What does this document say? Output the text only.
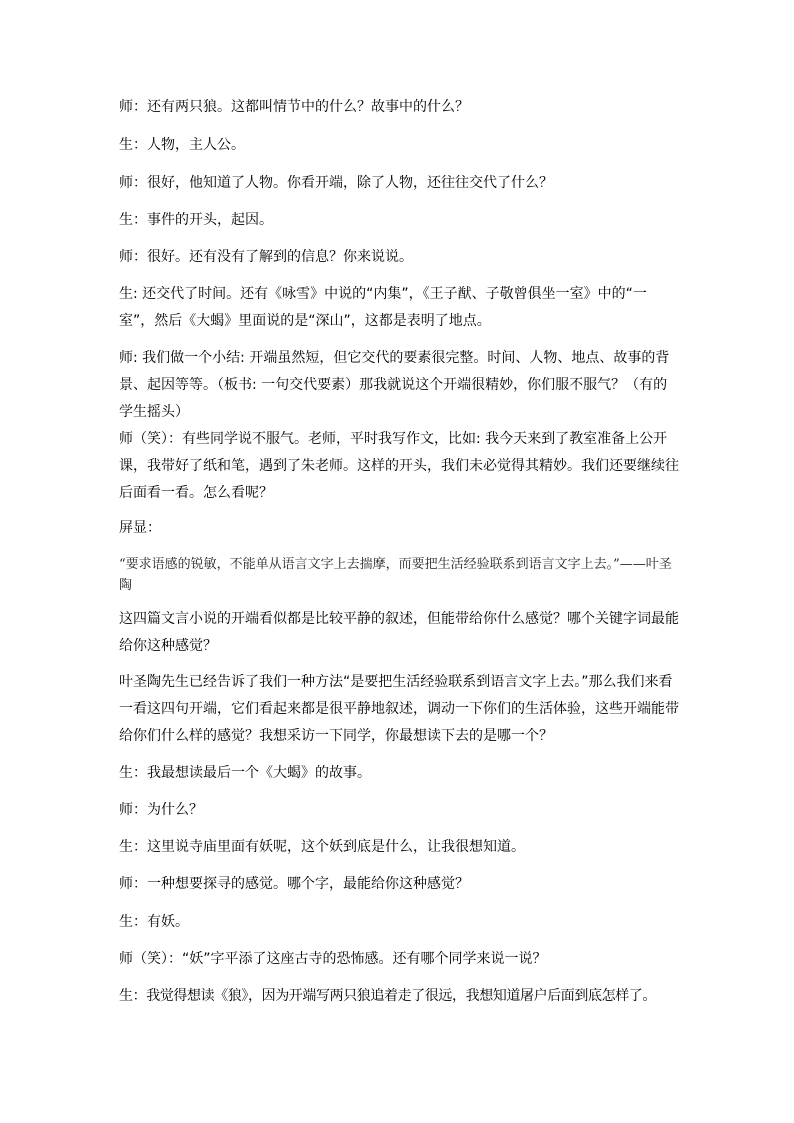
师：还有两只狼。这都叫情节中的什么？故事中的什么？

生：人物，主人公。

师：很好，他知道了人物。你看开端，除了人物，还往往交代了什么？

生：事件的开头，起因。

师：很好。还有没有了解到的信息？你来说说。

生: 还交代了时间。还有《咏雪》中说的“内集”，《王子猷、子敬曾俱坐一室》中的“一室”，然后《大蝎》里面说的是“深山”，这都是表明了地点。

师: 我们做一个小结: 开端虽然短，但它交代的要素很完整。时间、人物、地点、故事的背景、起因等等。（板书: 一句交代要素）那我就说这个开端很精妙，你们服不服气？（有的学生摇头）

师（笑）：有些同学说不服气。老师，平时我写作文，比如: 我今天来到了教室准备上公开课，我带好了纸和笔，遇到了朱老师。这样的开头，我们未必觉得其精妙。我们还要继续往后面看一看。怎么看呢？

屏显：

“要求语感的锐敏，不能单从语言文字上去揣摩，而要把生活经验联系到语言文字上去。”——叶圣陶

这四篇文言小说的开端看似都是比较平静的叙述，但能带给你什么感觉？哪个关键字词最能给你这种感觉？

叶圣陶先生已经告诉了我们一种方法“是要把生活经验联系到语言文字上去。”那么我们来看一看这四句开端，它们看起来都是很平静地叙述，调动一下你们的生活体验，这些开端能带给你们什么样的感觉？我想采访一下同学，你最想读下去的是哪一个？

生：我最想读最后一个《大蝎》的故事。

师：为什么？

生：这里说寺庙里面有妖呢，这个妖到底是什么，让我很想知道。

师：一种想要探寻的感觉。哪个字，最能给你这种感觉？

生：有妖。

师（笑）：“妖”字平添了这座古寺的恐怖感。还有哪个同学来说一说？

生：我觉得想读《狼》，因为开端写两只狼追着走了很远，我想知道屠户后面到底怎样了。
